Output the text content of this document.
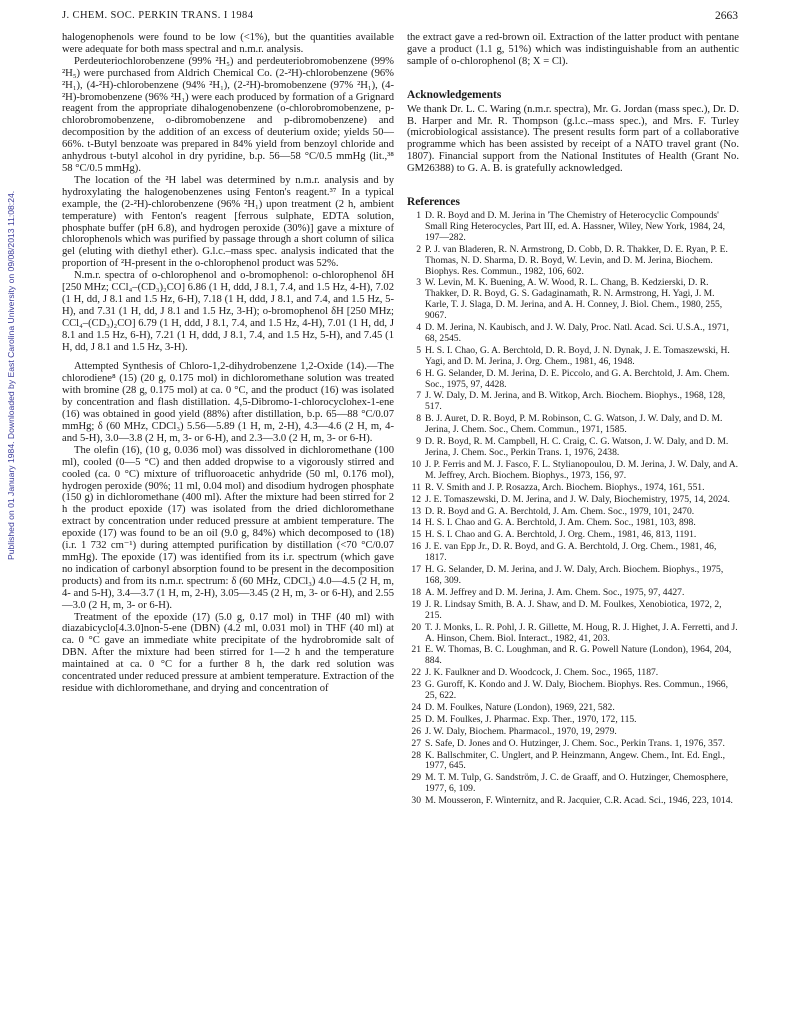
J. CHEM. SOC. PERKIN TRANS. I 1984	2663
Published on 01 January 1984. Downloaded by East Carolina University on 09/08/2013 11:08:24.

halogenophenols were found to be low (<1%), but the quantities available were adequate for both mass spectral and n.m.r. analysis.

Perdeuteriochlorobenzene (99% ²H₅) and perdeuteriobromobenzene (99% ²H₅) were purchased from Aldrich Chemical Co. (2-²H)-chlorobenzene (96% ²H₁), (4-²H)-chlorobenzene (94% ²H₁), (2-²H)-bromobenzene (97% ²H₁), (4-²H)-bromobenzene (96% ²H₁) were each produced by formation of a Grignard reagent from the appropriate dihalogenobenzene (o-chlorobromobenzene, p-chlorobromobenzene, o-dibromobenzene and p-dibromobenzene) and decomposition by the addition of an excess of deuterium oxide; yields 50—66%. t-Butyl benzoate was prepared in 84% yield from benzoyl chloride and anhydrous t-butyl alcohol in dry pyridine, b.p. 56—58 °C/0.5 mmHg (lit.,³⁸ 58 °C/0.5 mmHg).

The location of the ²H label was determined by n.m.r. analysis and by hydroxylating the halogenobenzenes using Fenton's reagent.³⁷ In a typical example, the (2-²H)-chlorobenzene (96% ²H₁) upon treatment (2 h, ambient temperature) with Fenton's reagent [ferrous sulphate, EDTA solution, phosphate buffer (pH 6.8), and hydrogen peroxide (30%)] gave a mixture of chlorophenols which was purified by passage through a short column of silica gel (eluting with diethyl ether). G.l.c.–mass spec. analysis indicated that the proportion of ²H-present in the o-chlorophenol product was 52%.

N.m.r. spectra of o-chlorophenol and o-bromophenol: o-chlorophenol δH [250 MHz; CCl₄–(CD₃)₂CO] 6.86 (1 H, ddd, J 8.1, 7.4, and 1.5 Hz, 4-H), 7.02 (1 H, dd, J 8.1 and 1.5 Hz, 6-H), 7.18 (1 H, ddd, J 8.1, and 7.4, and 1.5 Hz, 5-H), and 7.31 (1 H, dd, J 8.1 and 1.5 Hz, 3-H); o-bromophenol δH [250 MHz; CCl₄–(CD₃)₂CO] 6.79 (1 H, ddd, J 8.1, 7.4, and 1.5 Hz, 4-H), 7.01 (1 H, dd, J 8.1 and 1.5 Hz, 6-H), 7.21 (1 H, ddd, J 8.1, 7.4, and 1.5 Hz, 5-H), and 7.45 (1 H, dd, J 8.1 and 1.5 Hz, 3-H).

Attempted Synthesis of Chloro-1,2-dihydrobenzene 1,2-Oxide (14).—The chlorodiene⁸ (15) (20 g, 0.175 mol) in dichloromethane solution was treated with bromine (28 g, 0.175 mol) at ca. 0 °C, and the product (16) was isolated by concentration and flash distillation. 4,5-Dibromo-1-chlorocyclohex-1-ene (16) was obtained in good yield (88%) after distillation, b.p. 65—88 °C/0.07 mmHg; δ (60 MHz, CDCl₃) 5.56—5.89 (1 H, m, 2-H), 4.3—4.6 (2 H, m, 4- and 5-H), 3.0—3.8 (2 H, m, 3- or 6-H), and 2.3—3.0 (2 H, m, 3- or 6-H).

The olefin (16), (10 g, 0.036 mol) was dissolved in dichloromethane (100 ml), cooled (0—5 °C) and then added dropwise to a vigorously stirred and cooled (ca. 0 °C) mixture of trifluoroacetic anhydride (50 ml, 0.176 mol), hydrogen peroxide (90%; 11 ml, 0.04 mol) and disodium hydrogen phosphate (150 g) in dichloromethane (400 ml). After the mixture had been stirred for 2 h the product epoxide (17) was isolated from the dried dichloromethane extract by concentration under reduced pressure at ambient temperature. The epoxide (17) was found to be an oil (9.0 g, 84%) which decomposed to (18) (i.r. 1 732 cm⁻¹) during attempted purification by distillation (<70 °C/0.07 mmHg). The epoxide (17) was identified from its i.r. spectrum (which gave no indication of carbonyl absorption found to be present in the decomposition products) and from its n.m.r. spectrum: δ (60 MHz, CDCl₃) 4.0—4.5 (2 H, m, 4- and 5-H), 3.4—3.7 (1 H, m, 2-H), 3.05—3.45 (2 H, m, 3- or 6-H), and 2.55—3.0 (2 H, m, 3- or 6-H).

Treatment of the epoxide (17) (5.0 g, 0.17 mol) in THF (40 ml) with diazabicyclo[4.3.0]non-5-ene (DBN) (4.2 ml, 0.031 mol) in THF (40 ml) at ca. 0 °C gave an immediate white precipitate of the hydrobromide salt of DBN. After the mixture had been stirred for 1—2 h and the temperature maintained at ca. 0 °C for a further 8 h, the dark red solution was concentrated under reduced pressure at ambient temperature. Extraction of the residue with dichloromethane, and drying and concentration of

the extract gave a red-brown oil. Extraction of the latter product with pentane gave a product (1.1 g, 51%) which was indistinguishable from an authentic sample of o-chlorophenol (8; X = Cl).

Acknowledgements

We thank Dr. L. C. Waring (n.m.r. spectra), Mr. G. Jordan (mass spec.), Dr. D. B. Harper and Mr. R. Thompson (g.l.c.–mass spec.), and Mrs. F. Turley (microbiological assistance). The present results form part of a collaborative programme which has been assisted by receipt of a NATO travel grant (No. 1807). Financial support from the National Institutes of Health (Grant No. GM26388) to G. A. B. is gratefully acknowledged.

References
1 D. R. Boyd and D. M. Jerina in 'The Chemistry of Heterocyclic Compounds' Small Ring Heterocycles, Part III, ed. A. Hassner, Wiley, New York, 1984, 24, 197—282.
2 P. J. van Bladeren, R. N. Armstrong, D. Cobb, D. R. Thakker, D. E. Ryan, P. E. Thomas, N. D. Sharma, D. R. Boyd, W. Levin, and D. M. Jerina, Biochem. Biophys. Res. Commun., 1982, 106, 602.
3 W. Levin, M. K. Buening, A. W. Wood, R. L. Chang, B. Kedzierski, D. R. Thakker, D. R. Boyd, G. S. Gadaginamath, R. N. Armstrong, H. Yagi, J. M. Karle, T. J. Slaga, D. M. Jerina, and A. H. Conney, J. Biol. Chem., 1980, 255, 9067.
4 D. M. Jerina, N. Kaubisch, and J. W. Daly, Proc. Natl. Acad. Sci. U.S.A., 1971, 68, 2545.
5 H. S. I. Chao, G. A. Berchtold, D. R. Boyd, J. N. Dynak, J. E. Tomaszewski, H. Yagi, and D. M. Jerina, J. Org. Chem., 1981, 46, 1948.
6 H. G. Selander, D. M. Jerina, D. E. Piccolo, and G. A. Berchtold, J. Am. Chem. Soc., 1975, 97, 4428.
7 J. W. Daly, D. M. Jerina, and B. Witkop, Arch. Biochem. Biophys., 1968, 128, 517.
8 B. J. Auret, D. R. Boyd, P. M. Robinson, C. G. Watson, J. W. Daly, and D. M. Jerina, J. Chem. Soc., Chem. Commun., 1971, 1585.
9 D. R. Boyd, R. M. Campbell, H. C. Craig, C. G. Watson, J. W. Daly, and D. M. Jerina, J. Chem. Soc., Perkin Trans. 1, 1976, 2438.
10 J. P. Ferris and M. J. Fasco, F. L. Stylianopoulou, D. M. Jerina, J. W. Daly, and A. M. Jeffrey, Arch. Biochem. Biophys., 1973, 156, 97.
11 R. V. Smith and J. P. Rosazza, Arch. Biochem. Biophys., 1974, 161, 551.
12 J. E. Tomaszewski, D. M. Jerina, and J. W. Daly, Biochemistry, 1975, 14, 2024.
13 D. R. Boyd and G. A. Berchtold, J. Am. Chem. Soc., 1979, 101, 2470.
14 H. S. I. Chao and G. A. Berchtold, J. Am. Chem. Soc., 1981, 103, 898.
15 H. S. I. Chao and G. A. Berchtold, J. Org. Chem., 1981, 46, 813, 1191.
16 J. E. van Epp Jr., D. R. Boyd, and G. A. Berchtold, J. Org. Chem., 1981, 46, 1817.
17 H. G. Selander, D. M. Jerina, and J. W. Daly, Arch. Biochem. Biophys., 1975, 168, 309.
18 A. M. Jeffrey and D. M. Jerina, J. Am. Chem. Soc., 1975, 97, 4427.
19 J. R. Lindsay Smith, B. A. J. Shaw, and D. M. Foulkes, Xenobiotica, 1972, 2, 215.
20 T. J. Monks, L. R. Pohl, J. R. Gillette, M. Houg, R. J. Highet, J. A. Ferretti, and J. A. Hinson, Chem. Biol. Interact., 1982, 41, 203.
21 E. W. Thomas, B. C. Loughman, and R. G. Powell Nature (London), 1964, 204, 884.
22 J. K. Faulkner and D. Woodcock, J. Chem. Soc., 1965, 1187.
23 G. Guroff, K. Kondo and J. W. Daly, Biochem. Biophys. Res. Commun., 1966, 25, 622.
24 D. M. Foulkes, Nature (London), 1969, 221, 582.
25 D. M. Foulkes, J. Pharmac. Exp. Ther., 1970, 172, 115.
26 J. W. Daly, Biochem. Pharmacol., 1970, 19, 2979.
27 S. Safe, D. Jones and O. Hutzinger, J. Chem. Soc., Perkin Trans. 1, 1976, 357.
28 K. Ballschmiter, C. Unglert, and P. Heinzmann, Angew. Chem., Int. Ed. Engl., 1977, 645.
29 M. T. M. Tulp, G. Sandström, J. C. de Graaff, and O. Hutzinger, Chemosphere, 1977, 6, 109.
30 M. Mousseron, F. Winternitz, and R. Jacquier, C.R. Acad. Sci., 1946, 223, 1014.
